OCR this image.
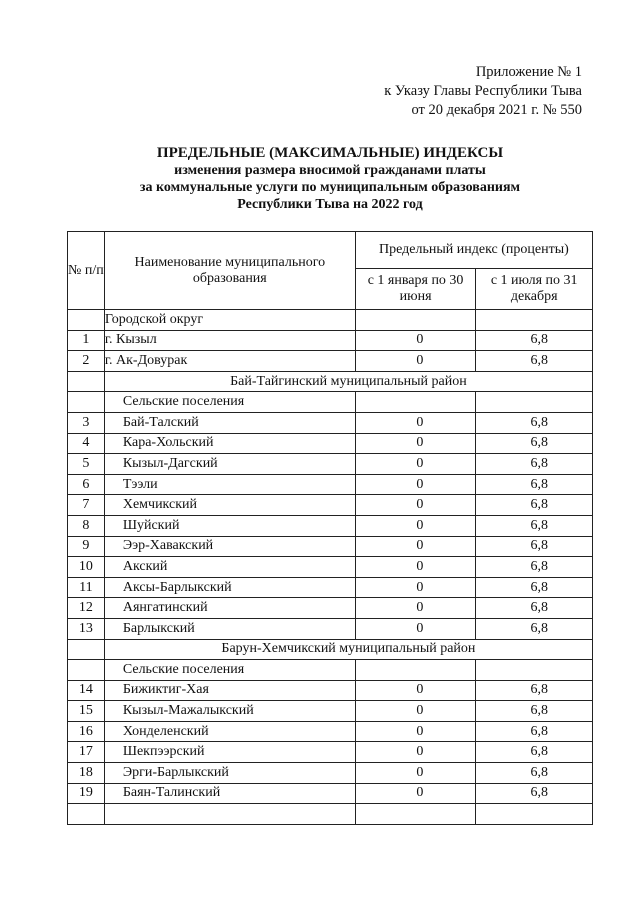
Приложение № 1
к Указу Главы Республики Тыва
от 20 декабря 2021 г. № 550
ПРЕДЕЛЬНЫЕ (МАКСИМАЛЬНЫЕ) ИНДЕКСЫ
изменения размера вносимой гражданами платы
за коммунальные услуги по муниципальным образованиям
Республики Тыва на 2022 год
№ п/п	Наименование муниципального образования	Предельный индекс (проценты)	
		с 1 января по 30 июня	с 1 июля по 31 декабря
	Городской округ		
1	г. Кызыл	0	6,8
2	г. Ак-Довурак	0	6,8
	Бай-Тайгинский муниципальный район		
	Сельские поселения		
3	Бай-Талский	0	6,8
4	Кара-Хольский	0	6,8
5	Кызыл-Дагский	0	6,8
6	Тээли	0	6,8
7	Хемчикский	0	6,8
8	Шуйский	0	6,8
9	Ээр-Хавакский	0	6,8
10	Акский	0	6,8
11	Аксы-Барлыкский	0	6,8
12	Аянгатинский	0	6,8
13	Барлыкский	0	6,8
	Барун-Хемчикский муниципальный район		
	Сельские поселения		
14	Бижиктиг-Хая	0	6,8
15	Кызыл-Мажалыкский	0	6,8
16	Хонделенский	0	6,8
17	Шекпээрский	0	6,8
18	Эрги-Барлыкский	0	6,8
19	Баян-Талинский	0	6,8
